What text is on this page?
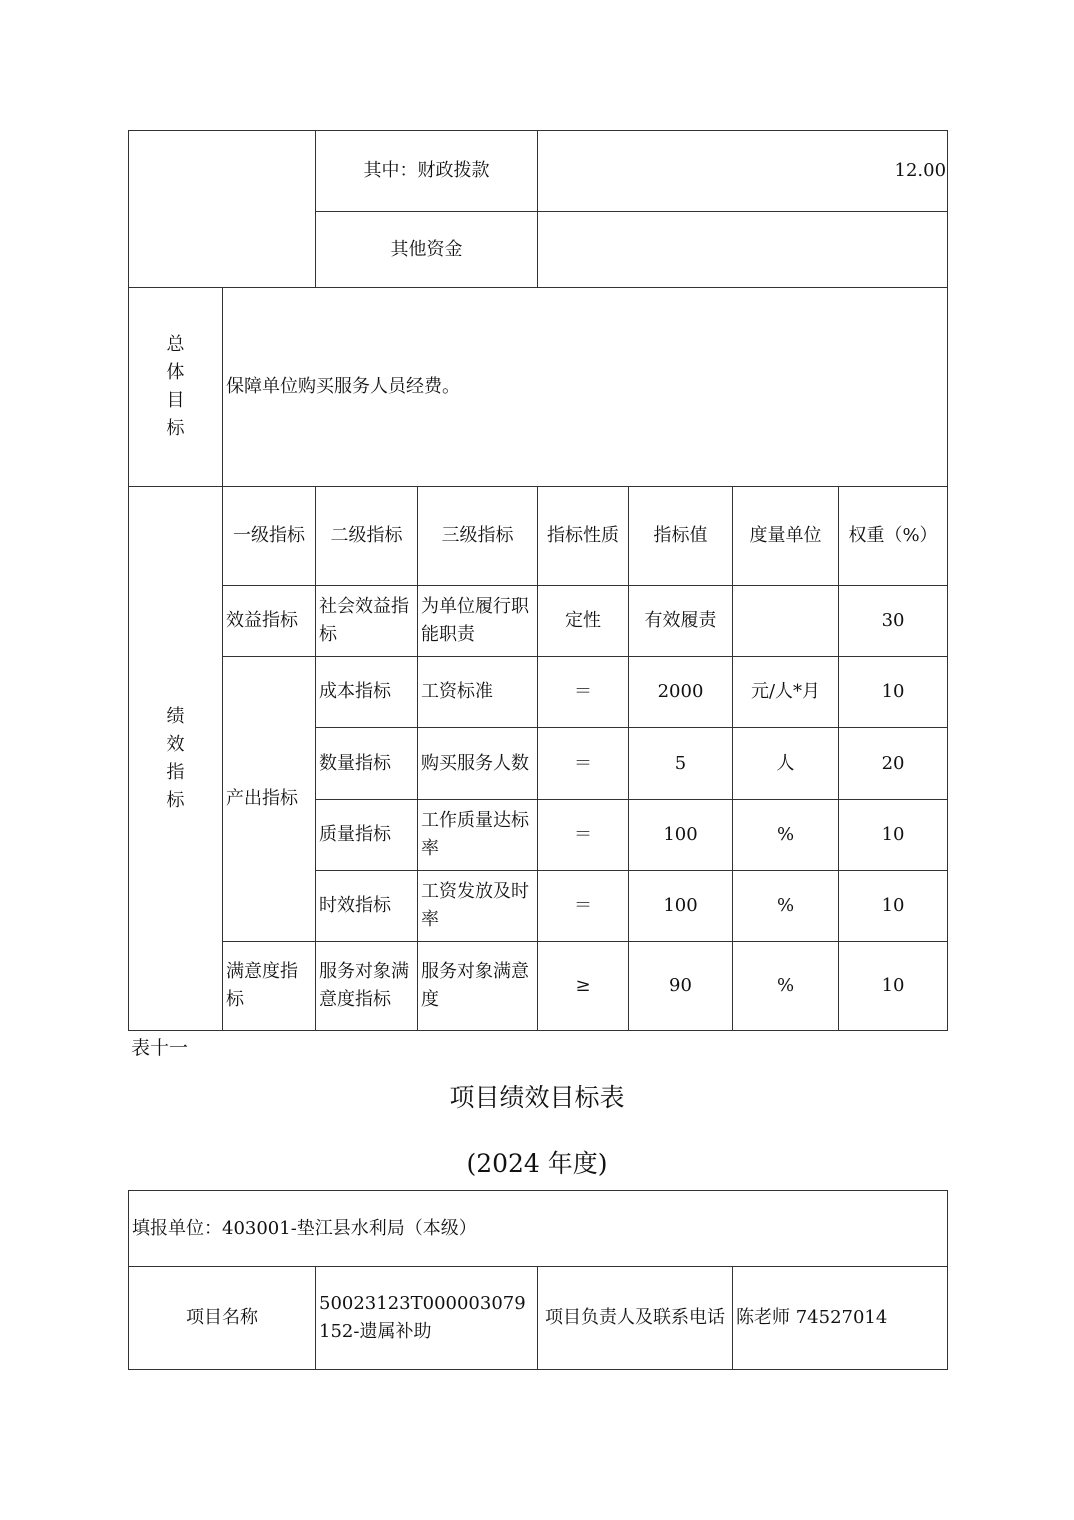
		其中：财政拨款		12.00			
		其他资金					

总
体
目
标	保障单位购买服务人员经费。						

绩
效
指
标	一级指标	二级指标	三级指标	指标性质	指标值	度量单位	权重（%）
	效益指标	社会效益指标	为单位履行职能职责	定性	有效履责		30
	产出指标	成本指标	工资标准	＝	2000	元/人*月	10
		数量指标	购买服务人数	＝	5	人	20
		质量指标	工作质量达标率	＝	100	%	10
		时效指标	工资发放及时率	＝	100	%	10
	满意度指标	服务对象满意度指标	服务对象满意度	≥	90	%	10
表十一
项目绩效目标表
(2024 年度)
填报单位：403001-垫江县水利局（本级）
项目名称	50023123T000003079152-遗属补助	项目负责人及联系电话	陈老师 74527014
